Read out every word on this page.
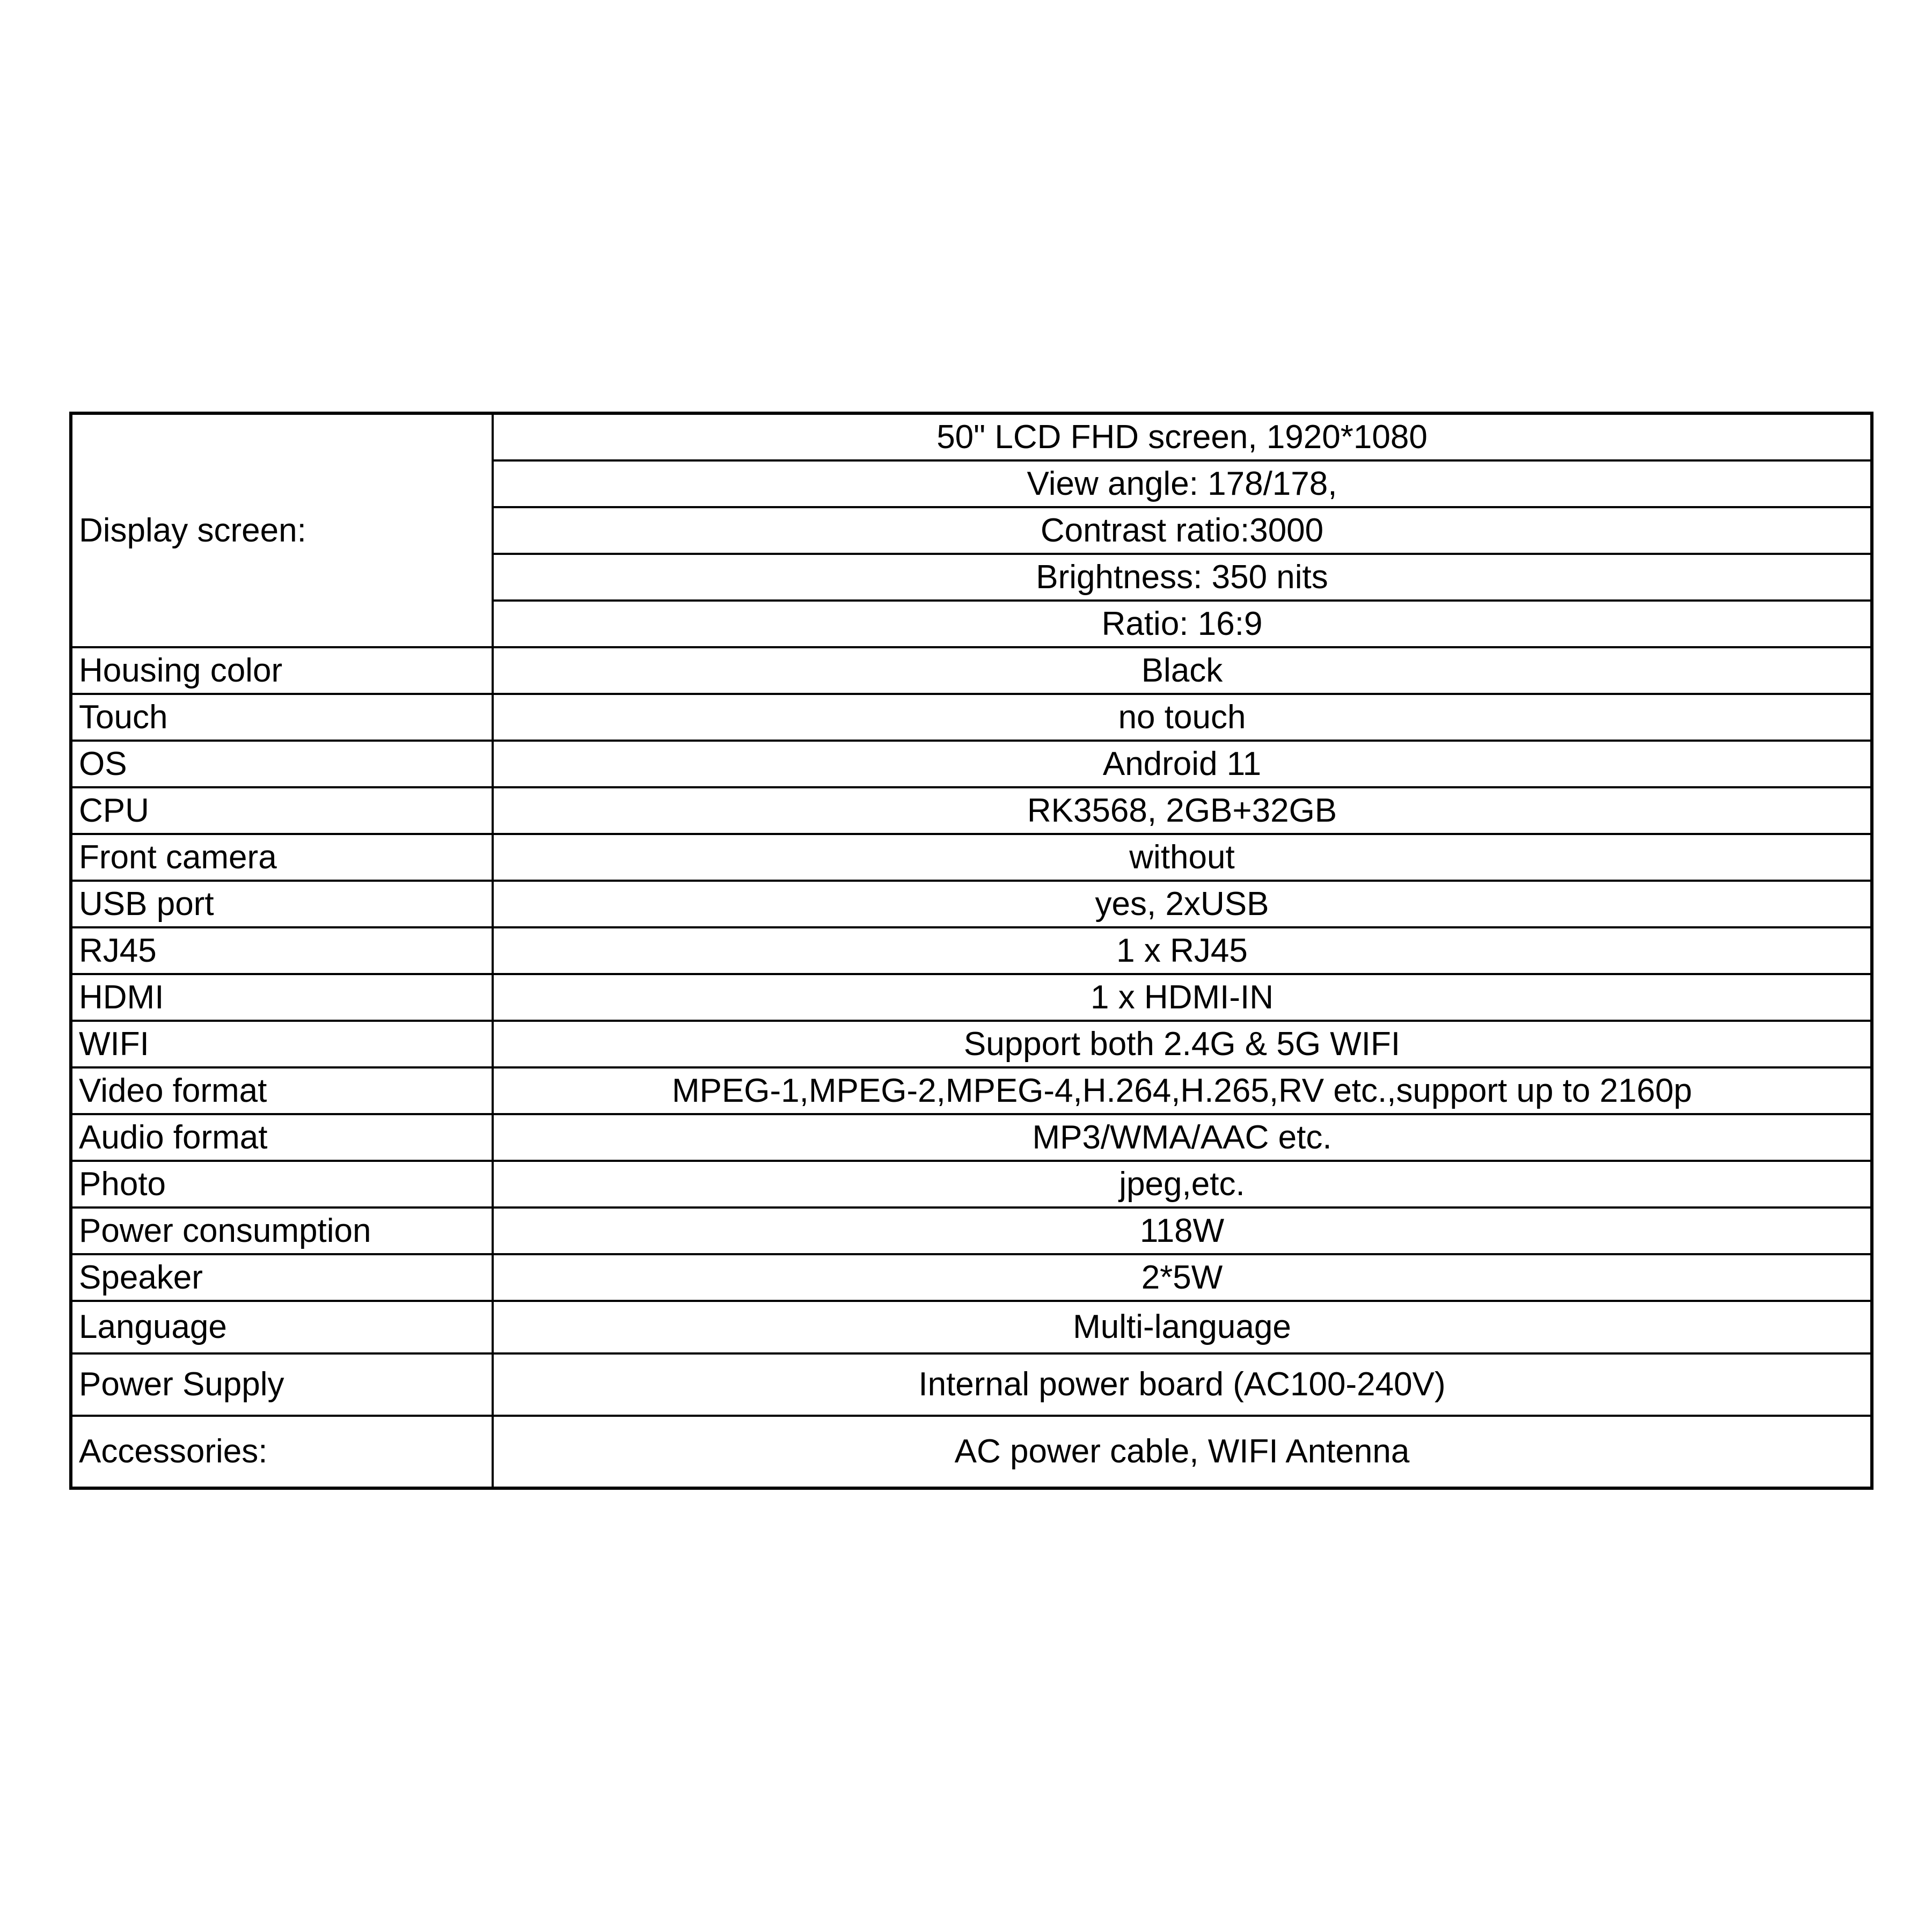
Display screen:	50" LCD FHD screen, 1920*1080
	View angle: 178/178,
	Contrast ratio:3000
	Brightness: 350 nits
	Ratio: 16:9
Housing color	Black
Touch	no touch
OS	Android 11
CPU	RK3568, 2GB+32GB
Front camera	without
USB port	yes, 2xUSB
RJ45	1 x RJ45
HDMI	1 x HDMI-IN
WIFI	Support both 2.4G & 5G WIFI
Video format	MPEG-1,MPEG-2,MPEG-4,H.264,H.265,RV etc.,support up to 2160p
Audio format	MP3/WMA/AAC etc.
Photo	jpeg,etc.
Power consumption	118W
Speaker	2*5W
Language	Multi-language
Power Supply	Internal power board (AC100-240V)
Accessories:	AC power cable, WIFI Antenna
